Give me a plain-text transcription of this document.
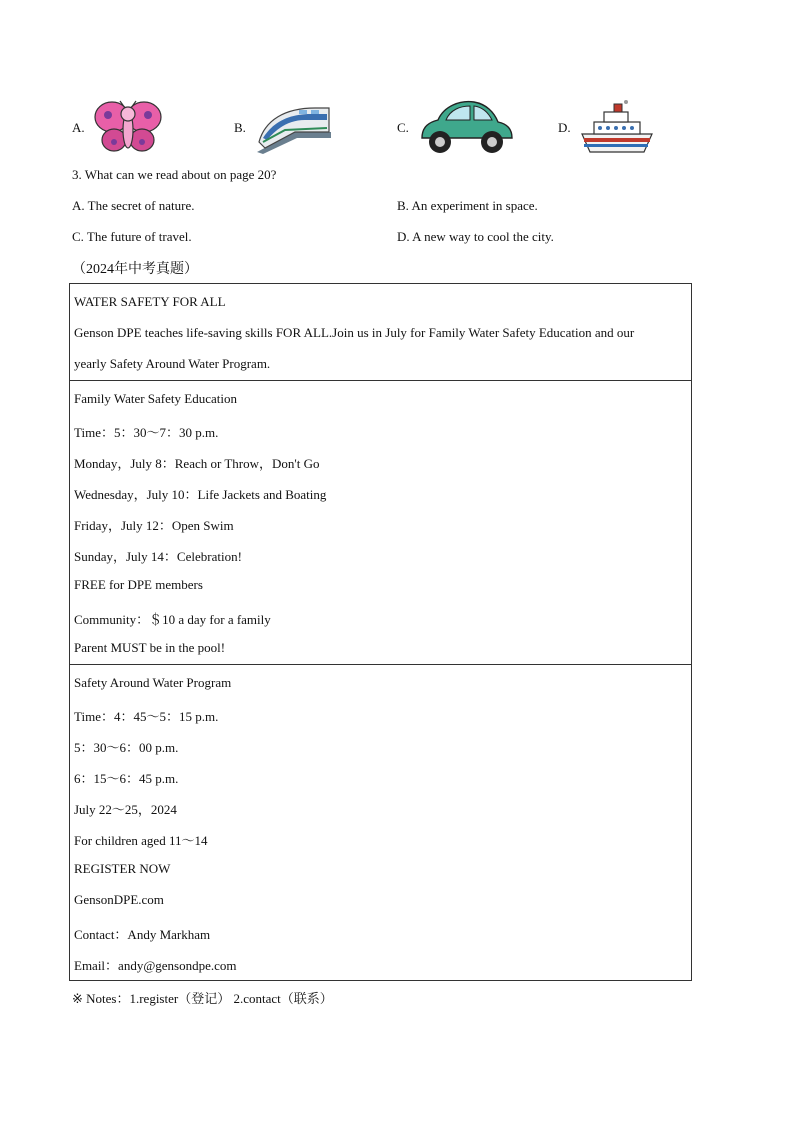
A.	B.	C.	D.
3. What can we read about on page 20?
A. The secret of nature.	B. An experiment in space.
C. The future of travel.	D. A new way to cool the city.
（2024年中考真题）
WATER SAFETY FOR ALL
Genson DPE teaches life-saving skills FOR ALL.Join us in July for Family Water Safety Education and our
yearly Safety Around Water Program.
Family Water Safety Education
Time：5：30～7：30 p.m.
Monday，July 8：Reach or Throw，Don't Go
Wednesday，July 10：Life Jackets and Boating
Friday，July 12：Open Swim
Sunday，July 14：Celebration!
FREE for DPE members
Community：＄10 a day for a family
Parent MUST be in the pool!
Safety Around Water Program
Time：4：45～5：15 p.m.
5：30～6：00 p.m.
6：15～6：45 p.m.
July 22～25，2024
For children aged 11～14
REGISTER NOW
GensonDPE.com
Contact：Andy Markham
Email：andy@gensondpe.com
※ Notes：1.register（登记） 2.contact（联系）
